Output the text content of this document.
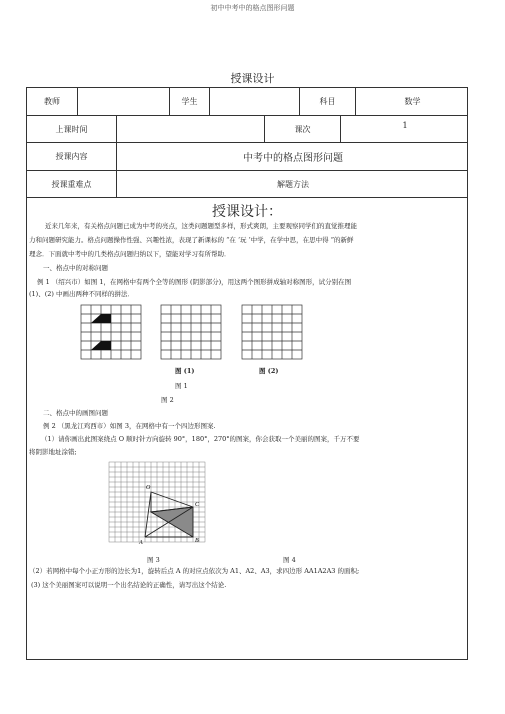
初中中考中的格点图形问题
授课设计
教师	学生	科目	数学
上课时间	课次	1
授课内容	中考中的格点图形问题
授课重难点	解题方法
授课设计：
近来几年来，有关格点问题已成为中考的亮点，这类问题题型多样，形式爽朗，主要观察同学们的直觉推理能
力和问题研究能力。格点问题操作性强、兴趣性浓，表现了新课标的 “在 ‘玩 ’中学，在学中思，在思中得 ”的新鲜
理念．下面就中考中的几类格点问题归纳以下，望能对学习有所帮助．
一、格点中的对称问题
例 1 （绍兴市）如图 1，在网格中有两个全等的图形 (阴影部分)，用这两个图形拼成轴对称图形，试分别在图
(1)、(2) 中画出两种不同样的拼法．
图 (1)	图 (2)
图 1
图 2
二、格点中的画图问题
例 2 （黑龙江鸡西市）如图 3，在网格中有一个四边形图案.
（1）请你画出此图案绕点 O 顺时针方向旋转 90°，180°，270°的图案，你会获取一个美丽的图案，千万不要
将阴影地址涂错;
O
C
A	B
图 3	图 4
（2）若网格中每个小正方形的边长为1，旋转后点 A 的对应点依次为 A1、A2、A3，求四边形 AA1A2A3 的面积;
(3) 这个美丽图案可以说明一个出名结论的正确性，请写出这个结论.
